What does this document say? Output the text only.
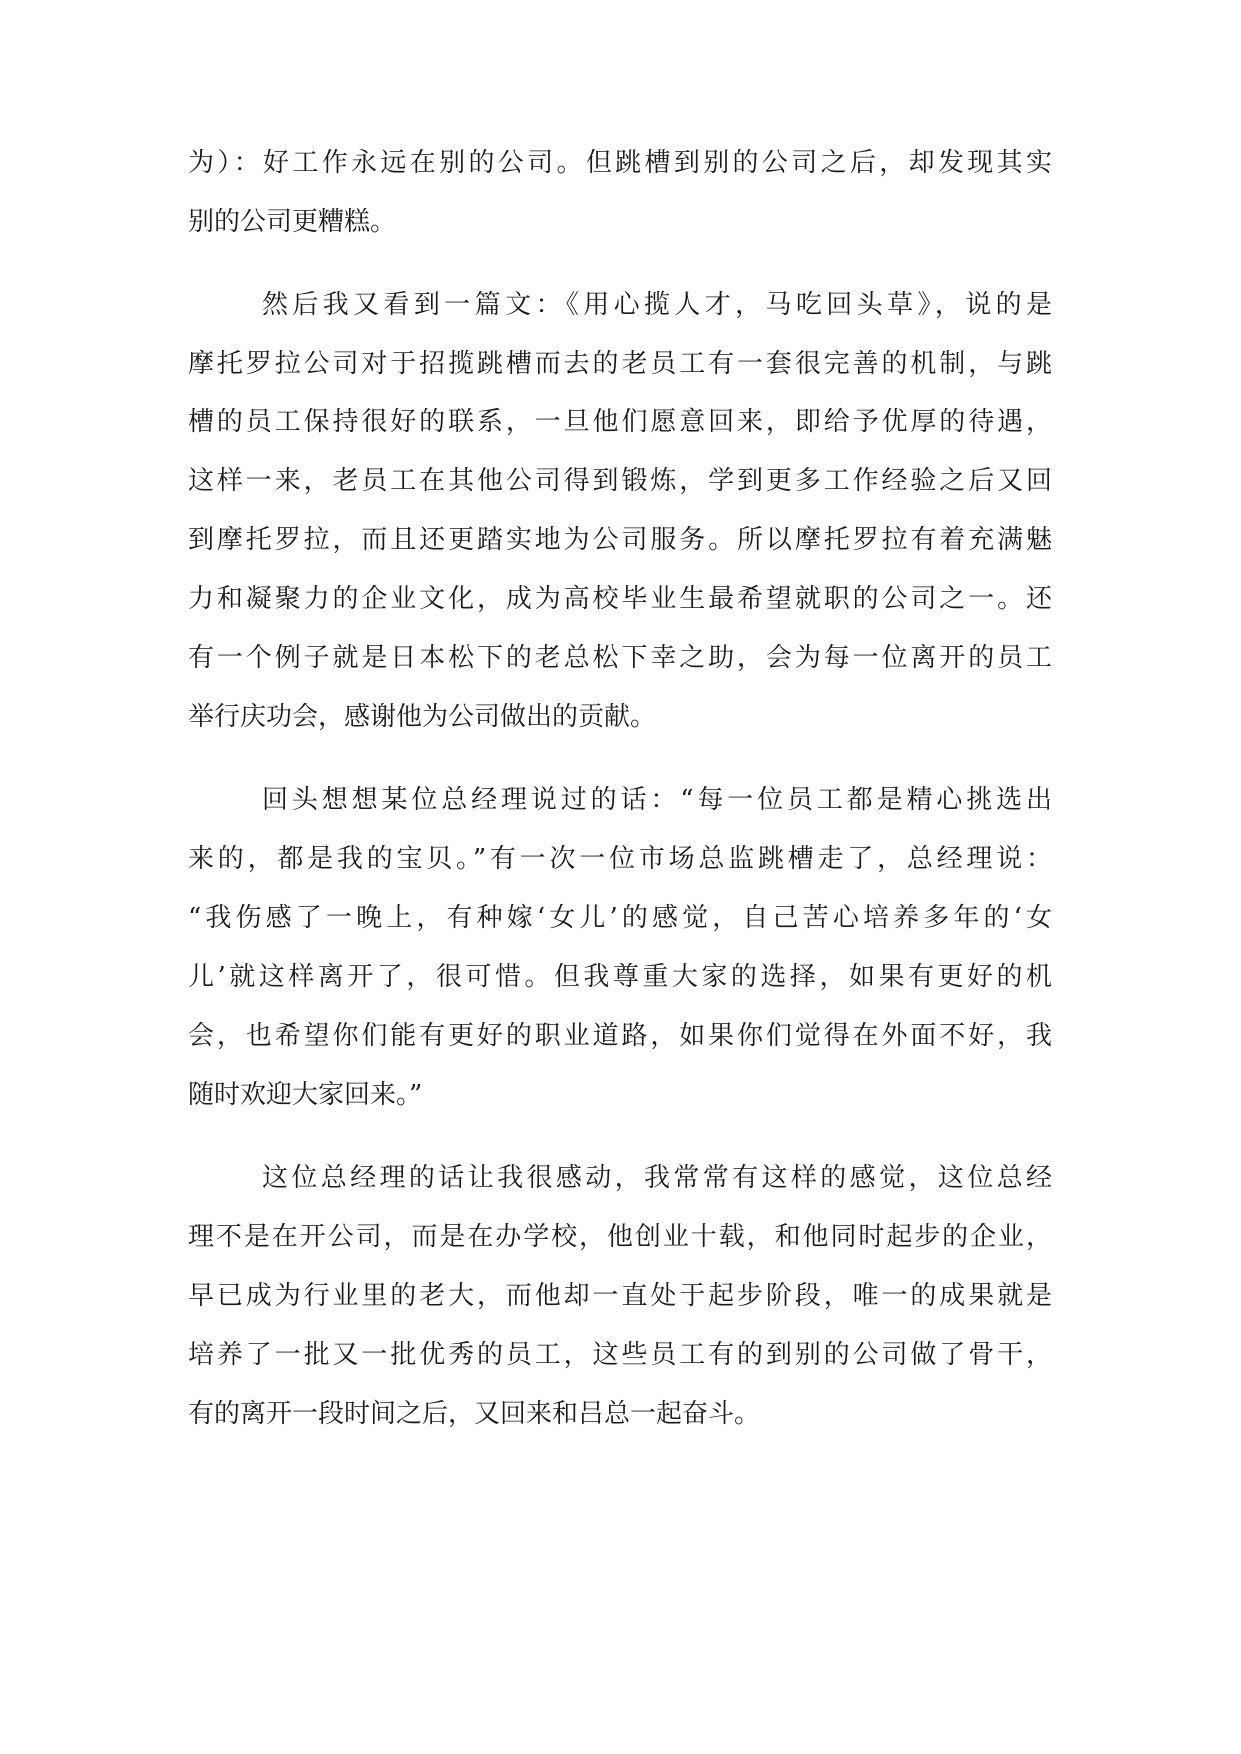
为）：好工作永远在别的公司。但跳槽到别的公司之后，却发现其实

别的公司更糟糕。

然后我又看到一篇文：《用心揽人才，马吃回头草》，说的是

摩托罗拉公司对于招揽跳槽而去的老员工有一套很完善的机制，与跳

槽的员工保持很好的联系，一旦他们愿意回来，即给予优厚的待遇，

这样一来，老员工在其他公司得到锻炼，学到更多工作经验之后又回

到摩托罗拉，而且还更踏实地为公司服务。所以摩托罗拉有着充满魅

力和凝聚力的企业文化，成为高校毕业生最希望就职的公司之一。还

有一个例子就是日本松下的老总松下幸之助，会为每一位离开的员工

举行庆功会，感谢他为公司做出的贡献。

回头想想某位总经理说过的话：“每一位员工都是精心挑选出

来的，都是我的宝贝。”有一次一位市场总监跳槽走了，总经理说：

“我伤感了一晚上，有种嫁‘女儿’的感觉，自己苦心培养多年的‘女

儿’就这样离开了，很可惜。但我尊重大家的选择，如果有更好的机

会，也希望你们能有更好的职业道路，如果你们觉得在外面不好，我

随时欢迎大家回来。”

这位总经理的话让我很感动，我常常有这样的感觉，这位总经

理不是在开公司，而是在办学校，他创业十载，和他同时起步的企业，

早已成为行业里的老大，而他却一直处于起步阶段，唯一的成果就是

培养了一批又一批优秀的员工，这些员工有的到别的公司做了骨干，

有的离开一段时间之后，又回来和吕总一起奋斗。
